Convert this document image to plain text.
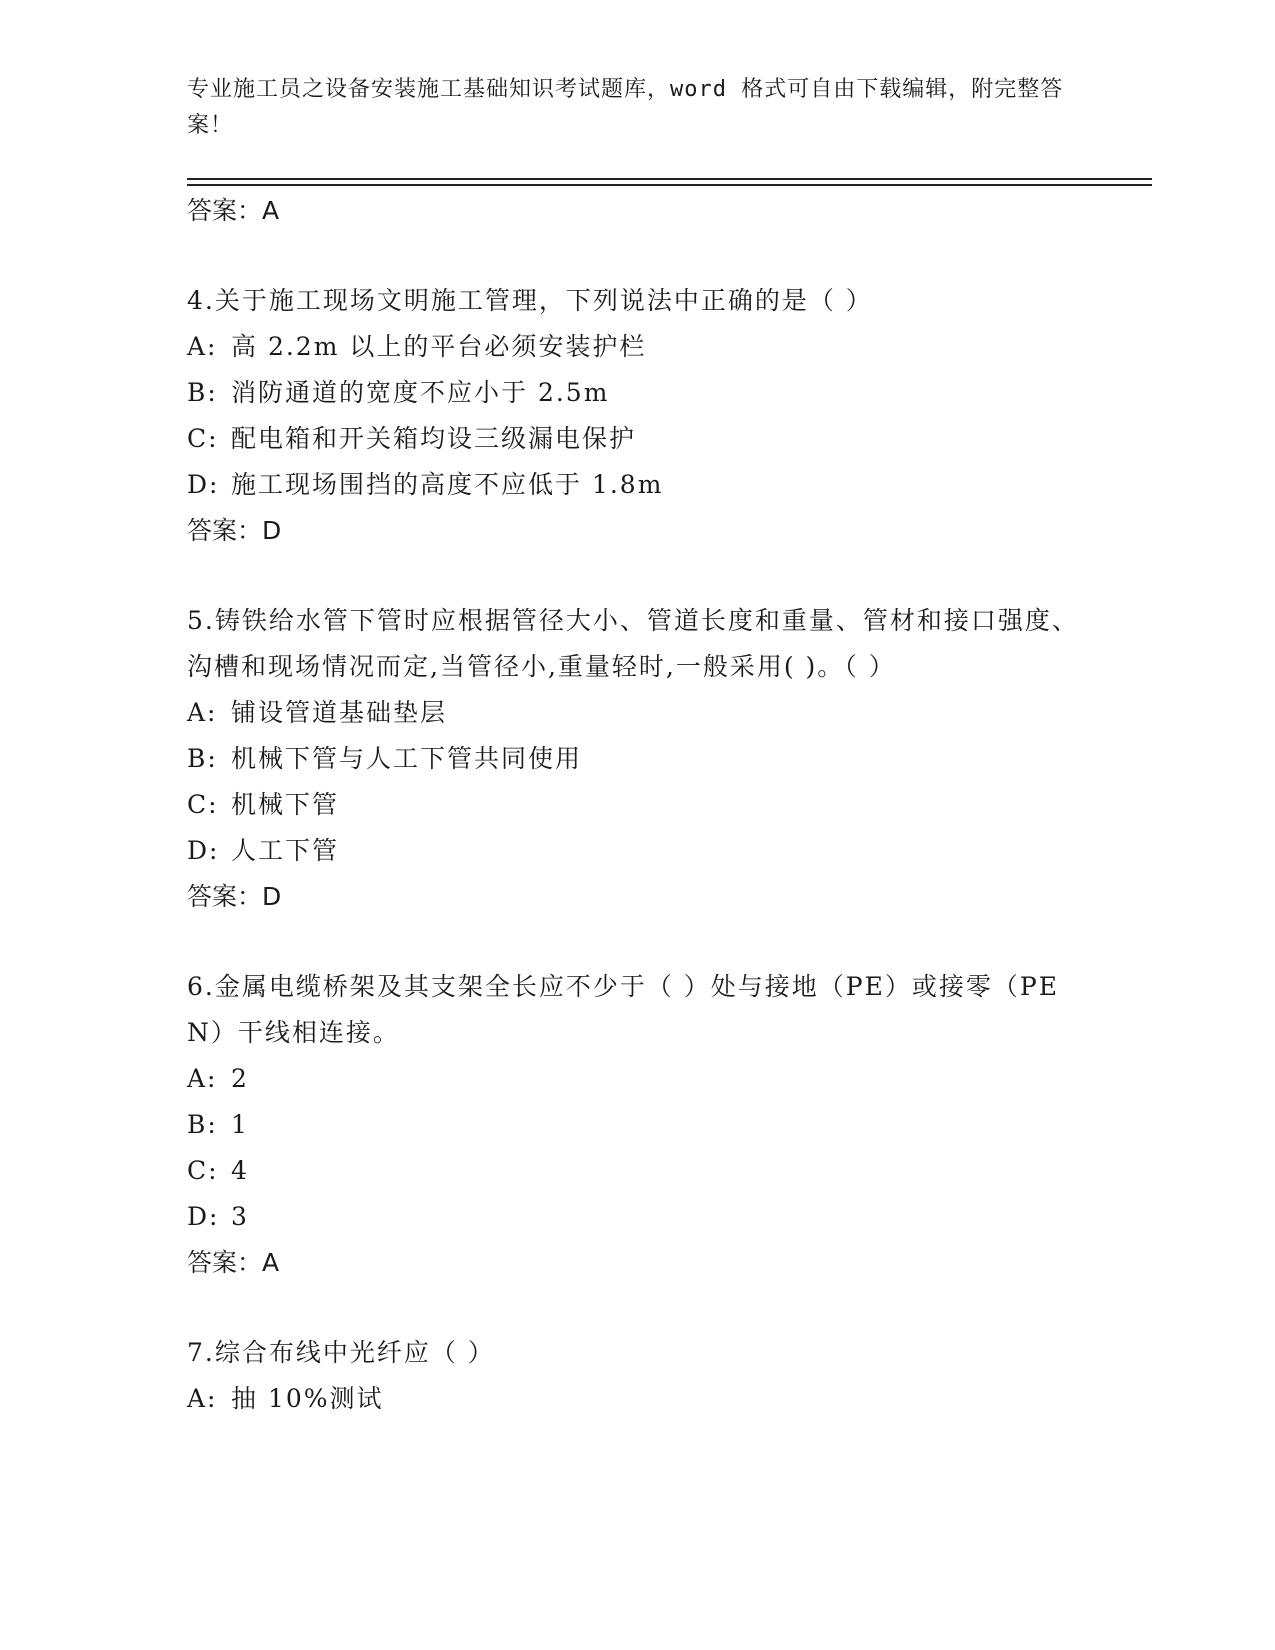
专业施工员之设备安装施工基础知识考试题库，word 格式可自由下载编辑，附完整答案！
答案：A
4.关于施工现场文明施工管理，下列说法中正确的是（ ）
A: 高 2.2m 以上的平台必须安装护栏
B: 消防通道的宽度不应小于 2.5m
C: 配电箱和开关箱均设三级漏电保护
D: 施工现场围挡的高度不应低于 1.8m
答案：D
5.铸铁给水管下管时应根据管径大小、管道长度和重量、管材和接口强度、沟槽和现场情况而定,当管径小,重量轻时,一般采用( )。（ ）
A: 铺设管道基础垫层
B: 机械下管与人工下管共同使用
C: 机械下管
D: 人工下管
答案：D
6.金属电缆桥架及其支架全长应不少于（ ）处与接地（PE）或接零（PEN）干线相连接。
A: 2
B: 1
C: 4
D: 3
答案：A
7.综合布线中光纤应（ ）
A: 抽 10%测试
